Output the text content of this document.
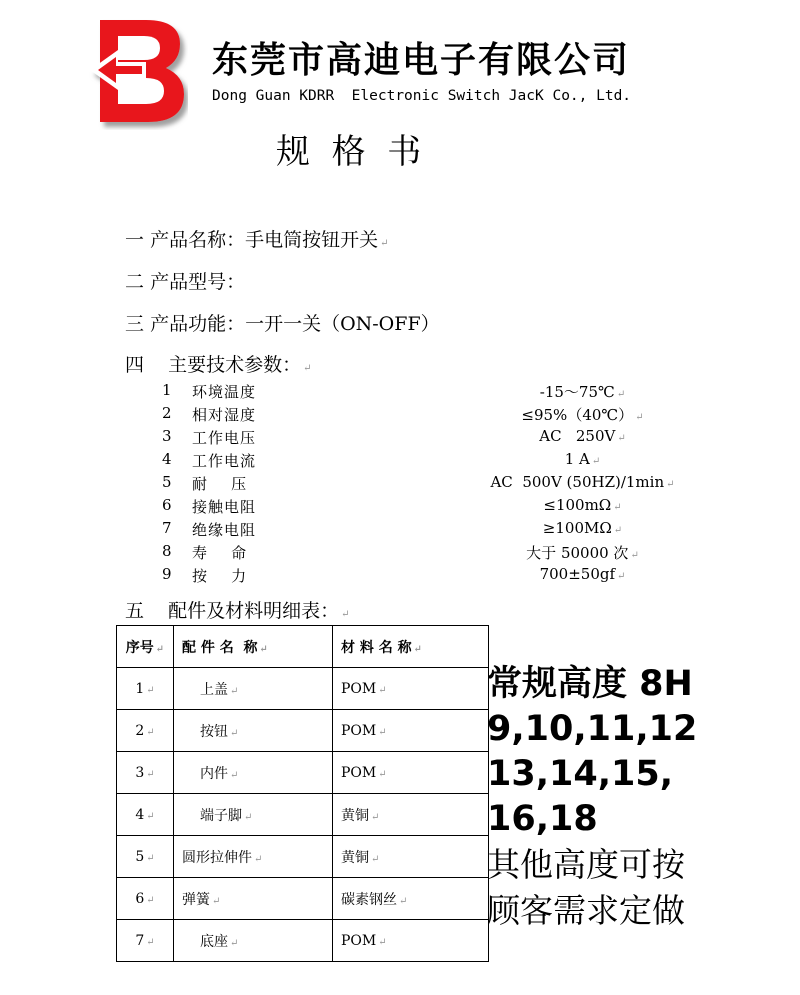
东莞市高迪电子有限公司
Dong Guan KDRR  Electronic Switch JacK Co., Ltd.
规  格  书
一 产品名称：手电筒按钮开关 ↵
二 产品型号：
三 产品功能：一开一关（ON-OFF）
四 主要技术参数： ↵
1 环境温度	-15～75℃ ↵
2 相对湿度	≤95%（40℃） ↵
3 工作电压	AC   250V ↵
4 工作电流	1 A ↵
5 耐    压	AC  500V (50HZ)/1min ↵
6 接触电阻	≤100mΩ ↵
7 绝缘电阻	≥100MΩ ↵
8 寿    命	大于 50000 次 ↵
9 按    力	700±50gf ↵
五 配件及材料明细表： ↵
序号 ↵	配 件 名  称 ↵	材 料 名 称 ↵
1 ↵	上盖 ↵	POM ↵
2 ↵	按钮 ↵	POM ↵
3 ↵	内件 ↵	POM ↵
4 ↵	端子脚 ↵	黄铜 ↵
5 ↵	圆形拉伸件 ↵	黄铜 ↵
6 ↵	弹簧 ↵	碳素钢丝 ↵
7 ↵	底座 ↵	POM ↵
常规高度 8H
9,10,11,12
13,14,15,
16,18
其他高度可按
顾客需求定做
